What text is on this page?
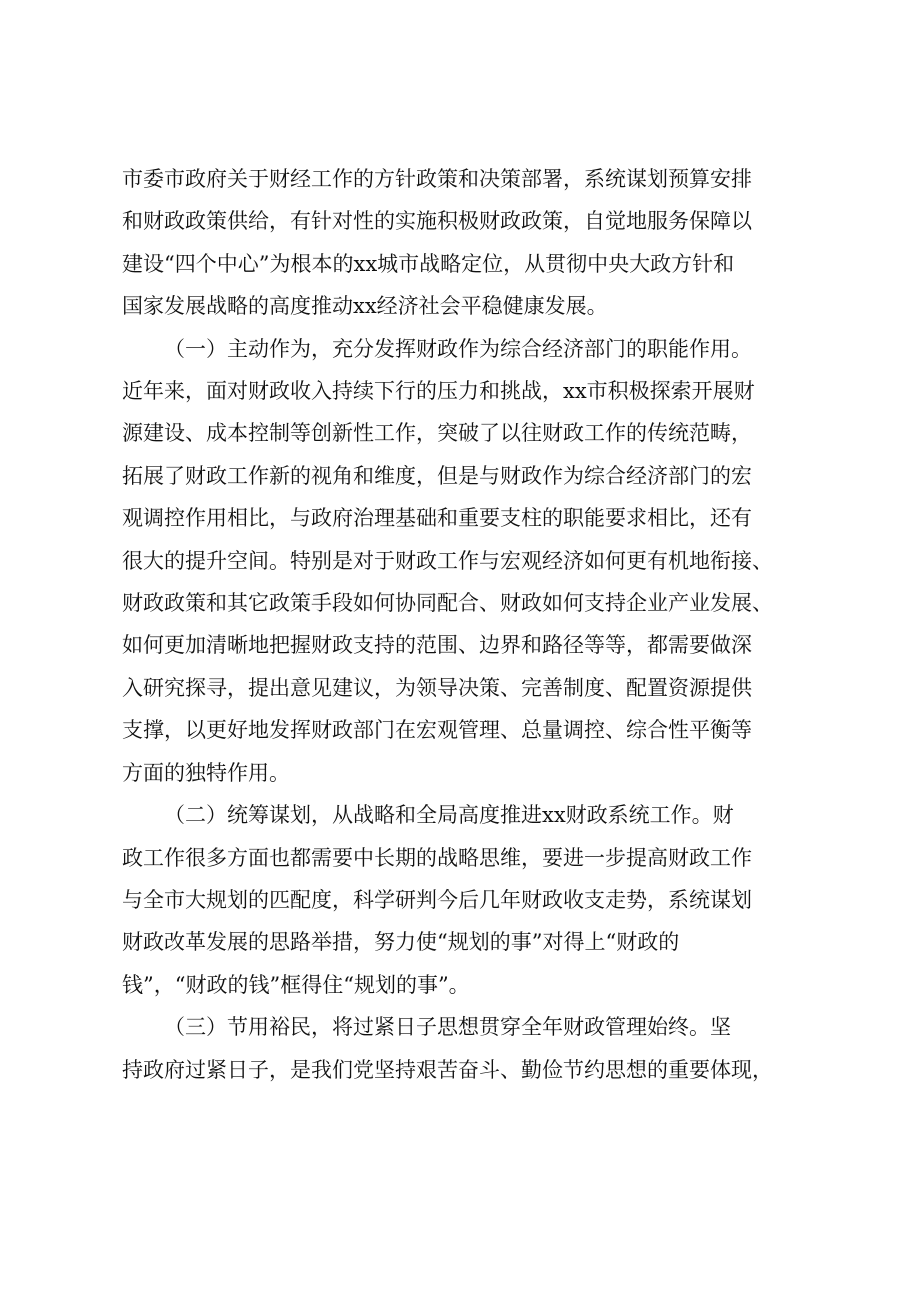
市委市政府关于财经工作的方针政策和决策部署，系统谋划预算安排
和财政政策供给，有针对性的实施积极财政政策，自觉地服务保障以
建设“四个中心”为根本的xx城市战略定位，从贯彻中央大政方针和
国家发展战略的高度推动xx经济社会平稳健康发展。

（一）主动作为，充分发挥财政作为综合经济部门的职能作用。
近年来，面对财政收入持续下行的压力和挑战，xx市积极探索开展财
源建设、成本控制等创新性工作，突破了以往财政工作的传统范畴，
拓展了财政工作新的视角和维度，但是与财政作为综合经济部门的宏
观调控作用相比，与政府治理基础和重要支柱的职能要求相比，还有
很大的提升空间。特别是对于财政工作与宏观经济如何更有机地衔接、
财政政策和其它政策手段如何协同配合、财政如何支持企业产业发展、
如何更加清晰地把握财政支持的范围、边界和路径等等，都需要做深
入研究探寻，提出意见建议，为领导决策、完善制度、配置资源提供
支撑，以更好地发挥财政部门在宏观管理、总量调控、综合性平衡等
方面的独特作用。

（二）统筹谋划，从战略和全局高度推进xx财政系统工作。财
政工作很多方面也都需要中长期的战略思维，要进一步提高财政工作
与全市大规划的匹配度，科学研判今后几年财政收支走势，系统谋划
财政改革发展的思路举措，努力使“规划的事”对得上“财政的
钱”，“财政的钱”框得住“规划的事”。

（三）节用裕民，将过紧日子思想贯穿全年财政管理始终。坚
持政府过紧日子，是我们党坚持艰苦奋斗、勤俭节约思想的重要体现，
